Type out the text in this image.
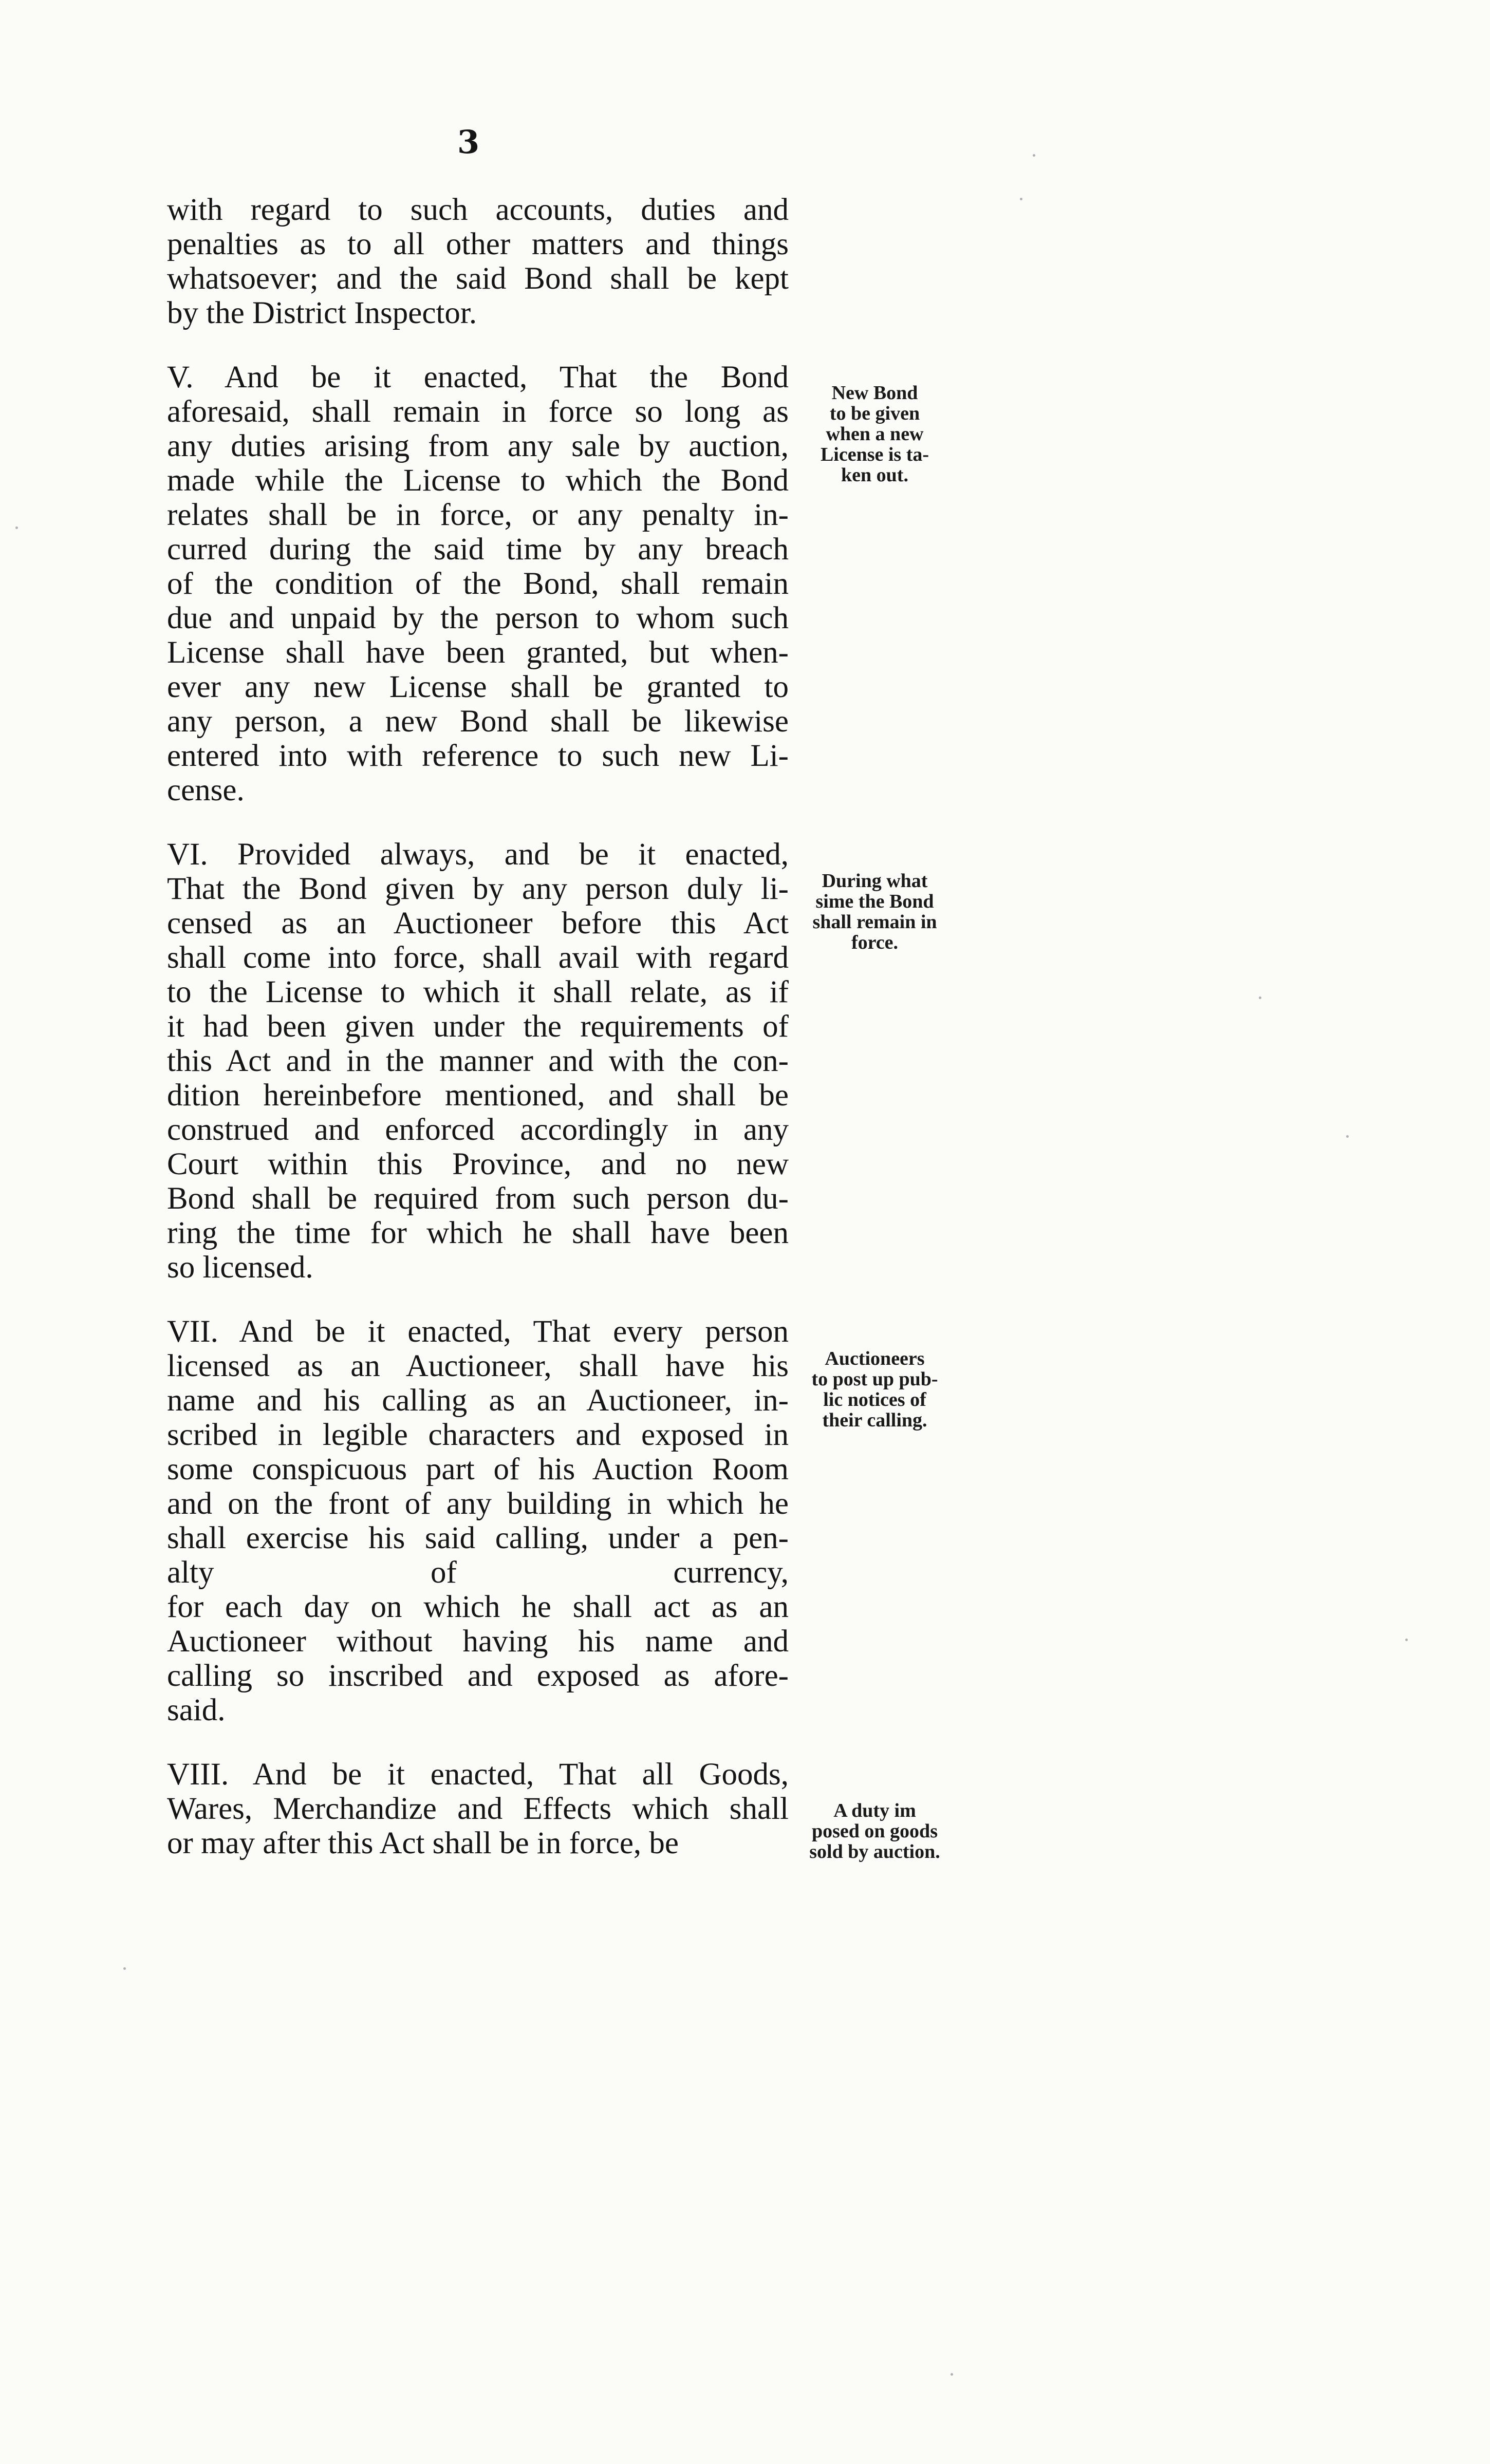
3
with regard to such accounts, duties and
penalties as to all other matters and things
whatsoever; and the said Bond shall be kept
by the District Inspector.
V. And be it enacted, That the Bond
aforesaid, shall remain in force so long as
any duties arising from any sale by auction,
made while the License to which the Bond
relates shall be in force, or any penalty in-
curred during the said time by any breach
of the condition of the Bond, shall remain
due and unpaid by the person to whom such
License shall have been granted, but when-
ever any new License shall be granted to
any person, a new Bond shall be likewise
entered into with reference to such new Li-
cense.
VI. Provided always, and be it enacted,
That the Bond given by any person duly li-
censed as an Auctioneer before this Act
shall come into force, shall avail with regard
to the License to which it shall relate, as if
it had been given under the requirements of
this Act and in the manner and with the con-
dition hereinbefore mentioned, and shall be
construed and enforced accordingly in any
Court within this Province, and no new
Bond shall be required from such person du-
ring the time for which he shall have been
so licensed.
VII. And be it enacted, That every person
licensed as an Auctioneer, shall have his
name and his calling as an Auctioneer, in-
scribed in legible characters and exposed in
some conspicuous part of his Auction Room
and on the front of any building in which he
shall exercise his said calling, under a pen-
alty of currency,
for each day on which he shall act as an
Auctioneer without having his name and
calling so inscribed and exposed as afore-
said.
VIII. And be it enacted, That all Goods,
Wares, Merchandize and Effects which shall
or may after this Act shall be in force, be
New Bond
to be given
when a new
License is ta-
ken out.
During what
sime the Bond
shall remain in
force.
Auctioneers
to post up pub-
lic notices of
their calling.
A duty im
posed on goods
sold by auction.
